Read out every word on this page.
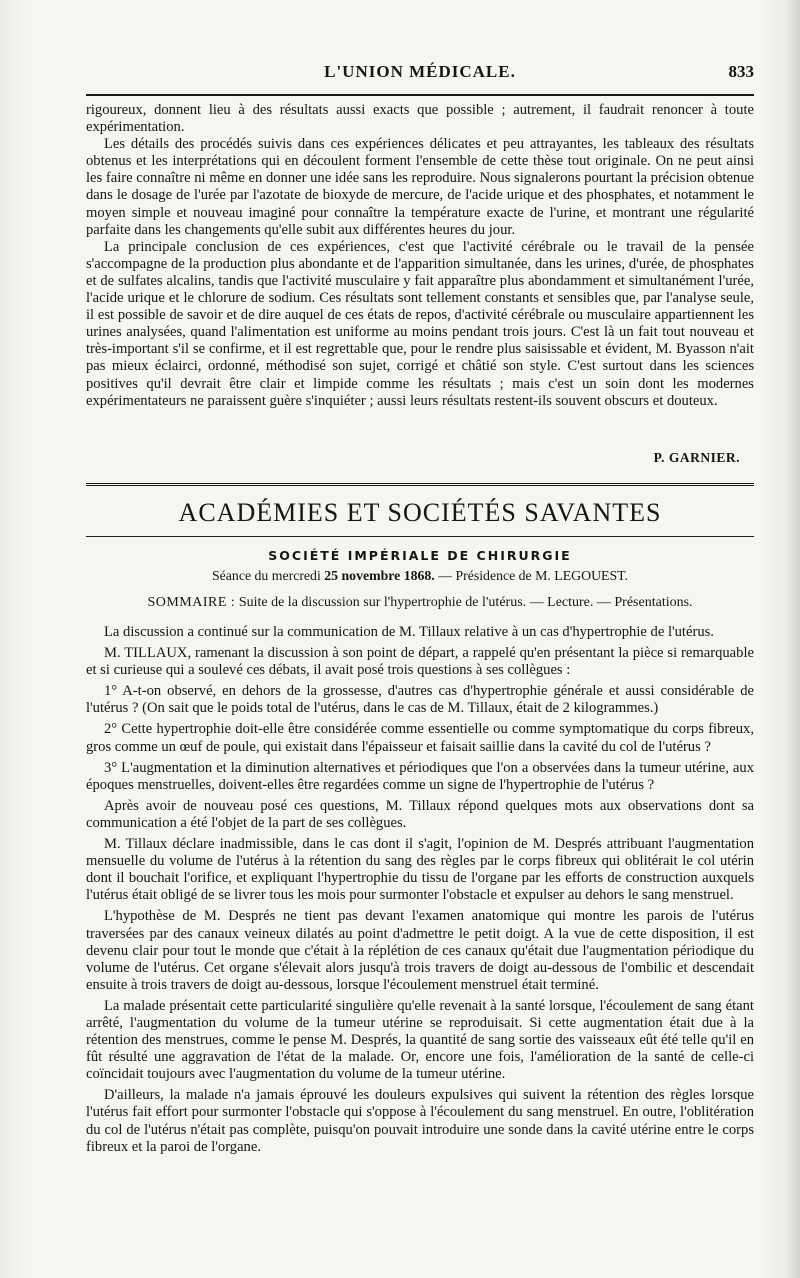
L'UNION MÉDICALE.	833

rigoureux, donnent lieu à des résultats aussi exacts que possible ; autrement, il faudrait renoncer à toute expérimentation.

Les détails des procédés suivis dans ces expériences délicates et peu attrayantes, les tableaux des résultats obtenus et les interprétations qui en découlent forment l'ensemble de cette thèse tout originale. On ne peut ainsi les faire connaître ni même en donner une idée sans les reproduire. Nous signalerons pourtant la précision obtenue dans le dosage de l'urée par l'azotate de bioxyde de mercure, de l'acide urique et des phosphates, et notamment le moyen simple et nouveau imaginé pour connaître la température exacte de l'urine, et montrant une régularité parfaite dans les changements qu'elle subit aux différentes heures du jour.

La principale conclusion de ces expériences, c'est que l'activité cérébrale ou le travail de la pensée s'accompagne de la production plus abondante et de l'apparition simultanée, dans les urines, d'urée, de phosphates et de sulfates alcalins, tandis que l'activité musculaire y fait apparaître plus abondamment et simultanément l'urée, l'acide urique et le chlorure de sodium. Ces résultats sont tellement constants et sensibles que, par l'analyse seule, il est possible de savoir et de dire auquel de ces états de repos, d'activité cérébrale ou musculaire appartiennent les urines analysées, quand l'alimentation est uniforme au moins pendant trois jours. C'est là un fait tout nouveau et très-important s'il se confirme, et il est regrettable que, pour le rendre plus saisissable et évident, M. Byasson n'ait pas mieux éclairci, ordonné, méthodisé son sujet, corrigé et châtié son style. C'est surtout dans les sciences positives qu'il devrait être clair et limpide comme les résultats ; mais c'est un soin dont les modernes expérimentateurs ne paraissent guère s'inquiéter ; aussi leurs résultats restent-ils souvent obscurs et douteux.

P. GARNIER.
ACADÉMIES ET SOCIÉTÉS SAVANTES
SOCIÉTÉ IMPÉRIALE DE CHIRURGIE
Séance du mercredi 25 novembre 1868. — Présidence de M. LEGOUEST.
SOMMAIRE : Suite de la discussion sur l'hypertrophie de l'utérus. — Lecture. — Présentations.

La discussion a continué sur la communication de M. Tillaux relative à un cas d'hypertrophie de l'utérus.

M. TILLAUX, ramenant la discussion à son point de départ, a rappelé qu'en présentant la pièce si remarquable et si curieuse qui a soulevé ces débats, il avait posé trois questions à ses collègues :

1° A-t-on observé, en dehors de la grossesse, d'autres cas d'hypertrophie générale et aussi considérable de l'utérus ? (On sait que le poids total de l'utérus, dans le cas de M. Tillaux, était de 2 kilogrammes.)

2° Cette hypertrophie doit-elle être considérée comme essentielle ou comme symptomatique du corps fibreux, gros comme un œuf de poule, qui existait dans l'épaisseur et faisait saillie dans la cavité du col de l'utérus ?

3° L'augmentation et la diminution alternatives et périodiques que l'on a observées dans la tumeur utérine, aux époques menstruelles, doivent-elles être regardées comme un signe de l'hypertrophie de l'utérus ?

Après avoir de nouveau posé ces questions, M. Tillaux répond quelques mots aux observations dont sa communication a été l'objet de la part de ses collègues.

M. Tillaux déclare inadmissible, dans le cas dont il s'agit, l'opinion de M. Després attribuant l'augmentation mensuelle du volume de l'utérus à la rétention du sang des règles par le corps fibreux qui oblitérait le col utérin dont il bouchait l'orifice, et expliquant l'hypertrophie du tissu de l'organe par les efforts de construction auxquels l'utérus était obligé de se livrer tous les mois pour surmonter l'obstacle et expulser au dehors le sang menstruel.

L'hypothèse de M. Després ne tient pas devant l'examen anatomique qui montre les parois de l'utérus traversées par des canaux veineux dilatés au point d'admettre le petit doigt. A la vue de cette disposition, il est devenu clair pour tout le monde que c'était à la réplétion de ces canaux qu'était due l'augmentation périodique du volume de l'utérus. Cet organe s'élevait alors jusqu'à trois travers de doigt au-dessous de l'ombilic et descendait ensuite à trois travers de doigt au-dessous, lorsque l'écoulement menstruel était terminé.

La malade présentait cette particularité singulière qu'elle revenait à la santé lorsque, l'écoulement de sang étant arrêté, l'augmentation du volume de la tumeur utérine se reproduisait. Si cette augmentation était due à la rétention des menstrues, comme le pense M. Després, la quantité de sang sortie des vaisseaux eût été telle qu'il en fût résulté une aggravation de l'état de la malade. Or, encore une fois, l'amélioration de la santé de celle-ci coïncidait toujours avec l'augmentation du volume de la tumeur utérine.

D'ailleurs, la malade n'a jamais éprouvé les douleurs expulsives qui suivent la rétention des règles lorsque l'utérus fait effort pour surmonter l'obstacle qui s'oppose à l'écoulement du sang menstruel. En outre, l'oblitération du col de l'utérus n'était pas complète, puisqu'on pouvait introduire une sonde dans la cavité utérine entre le corps fibreux et la paroi de l'organe.
